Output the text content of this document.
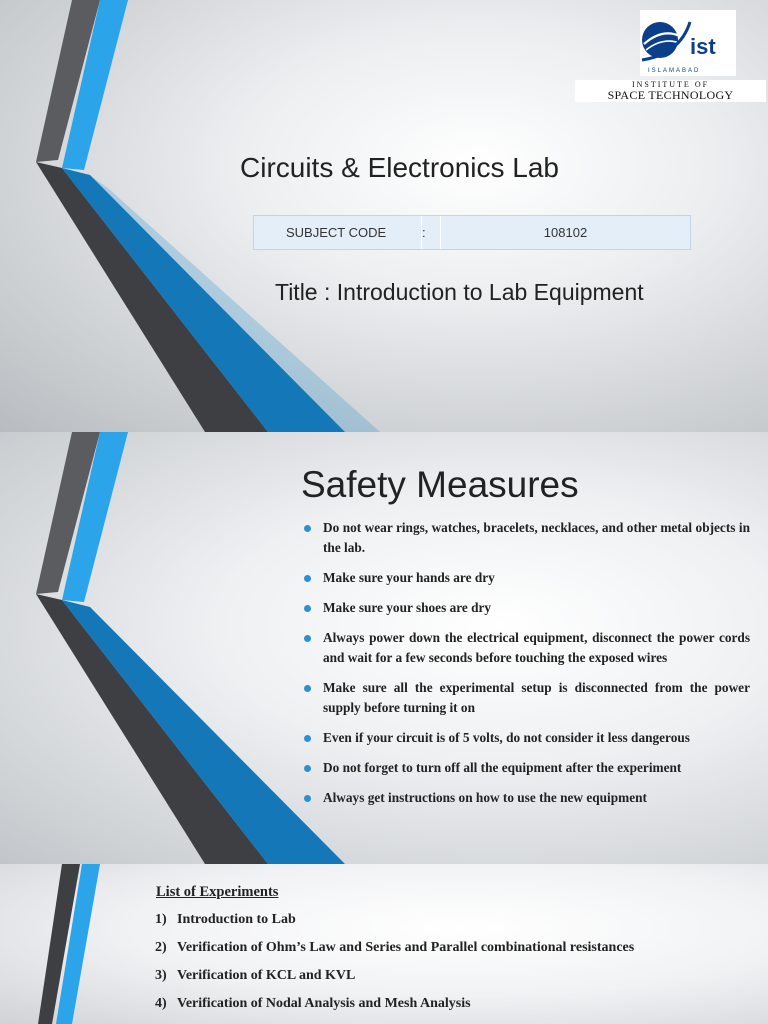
ist
ISLAMABAD
INSTITUTE OF
SPACE TECHNOLOGY
Circuits & Electronics Lab
SUBJECT CODE	:	108102
Title : Introduction to Lab Equipment
Safety Measures
Do not wear rings, watches, bracelets, necklaces, and other metal objects in the lab.
Make sure your hands are dry
Make sure your shoes are dry
Always power down the electrical equipment, disconnect the power cords and wait for a few seconds before touching the exposed wires
Make sure all the experimental setup is disconnected from the power supply before turning it on
Even if your circuit is of 5 volts, do not consider it less dangerous
Do not forget to turn off all the equipment after the experiment
Always get instructions on how to use the new equipment
List of Experiments
1) Introduction to Lab
2) Verification of Ohm’s Law and Series and Parallel combinational resistances
3) Verification of KCL and KVL
4) Verification of Nodal Analysis and Mesh Analysis
